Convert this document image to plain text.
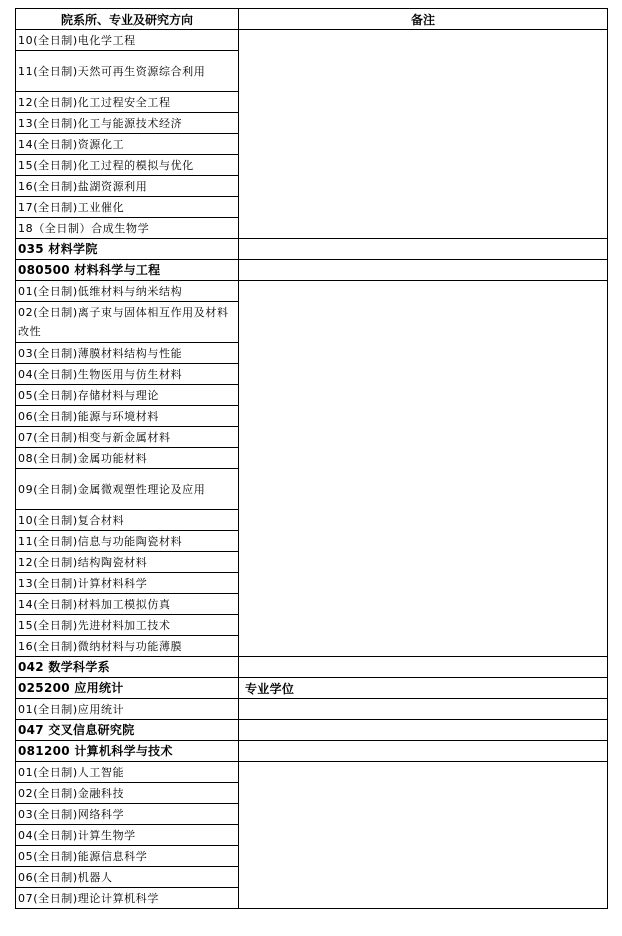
院系所、专业及研究方向	备注
10(全日制)电化学工程	
11(全日制)天然可再生资源综合利用	
12(全日制)化工过程安全工程	
13(全日制)化工与能源技术经济	
14(全日制)资源化工	
15(全日制)化工过程的模拟与优化	
16(全日制)盐湖资源利用	
17(全日制)工业催化	
18（全日制）合成生物学	
035 材料学院	
080500 材料科学与工程	
01(全日制)低维材料与纳米结构	
02(全日制)离子束与固体相互作用及材料改性	
03(全日制)薄膜材料结构与性能	
04(全日制)生物医用与仿生材料	
05(全日制)存储材料与理论	
06(全日制)能源与环境材料	
07(全日制)相变与新金属材料	
08(全日制)金属功能材料	
09(全日制)金属微观塑性理论及应用	
10(全日制)复合材料	
11(全日制)信息与功能陶瓷材料	
12(全日制)结构陶瓷材料	
13(全日制)计算材料科学	
14(全日制)材料加工模拟仿真	
15(全日制)先进材料加工技术	
16(全日制)微纳材料与功能薄膜	
042 数学科学系	
025200 应用统计	专业学位
01(全日制)应用统计	
047 交叉信息研究院	
081200 计算机科学与技术	
01(全日制)人工智能	
02(全日制)金融科技	
03(全日制)网络科学	
04(全日制)计算生物学	
05(全日制)能源信息科学	
06(全日制)机器人	
07(全日制)理论计算机科学	
